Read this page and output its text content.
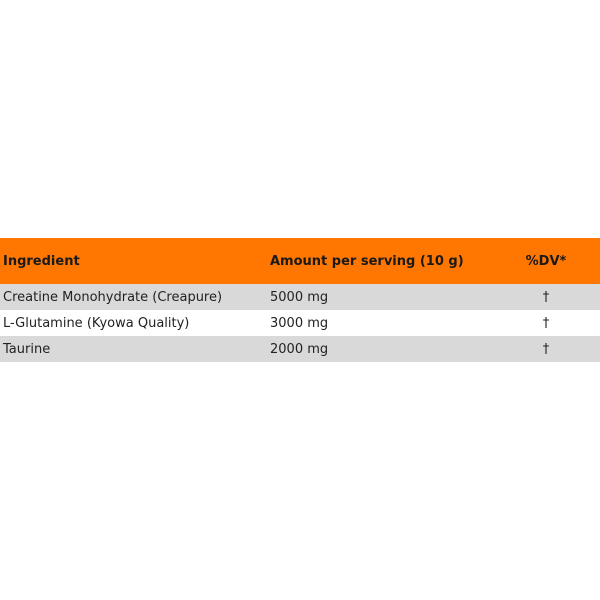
Ingredient	Amount per serving (10 g)	%DV*
Creatine Monohydrate (Creapure)	5000 mg	†
L-Glutamine (Kyowa Quality)	3000 mg	†
Taurine	2000 mg	†
